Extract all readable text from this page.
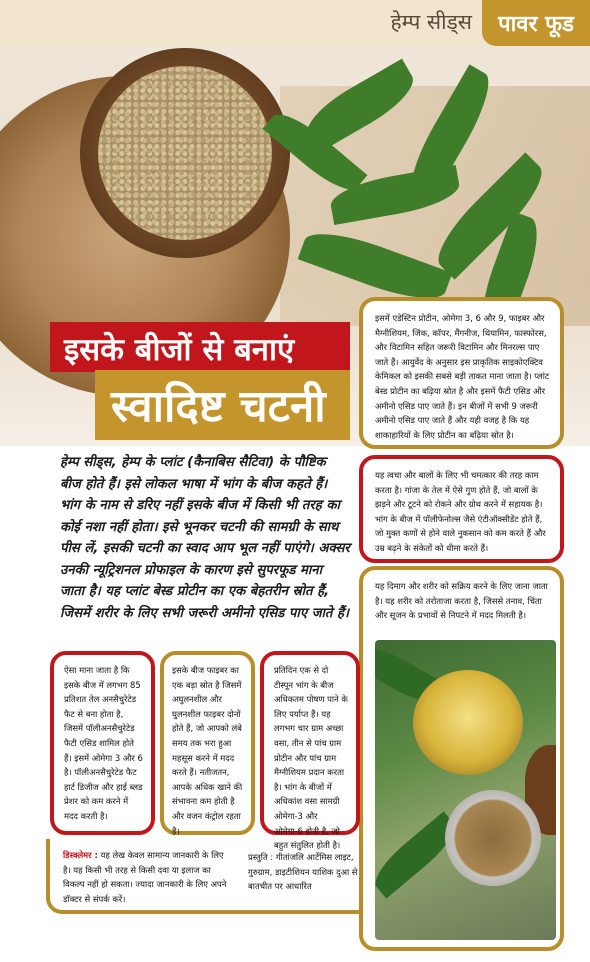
हेम्प सीड्स पावर फूड
इसके बीजों से बनाएं
स्वादिष्ट चटनी
हेम्प सीड्स, हेम्प के प्लांट (कैनाबिस सैटिवा) के पौष्टिक बीज होते हैं। इसे लोकल भाषा में भांग के बीज कहते हैं। भांग के नाम से डरिए नहीं इसके बीज में किसी भी तरह का कोई नशा नहीं होता। इसे भूनकर चटनी की सामग्री के साथ पीस लें, इसकी चटनी का स्वाद आप भूल नहीं पाएंगे। अक्सर उनकी न्यूट्रिशनल प्रोफाइल के कारण इसे सुपरफूड माना जाता है। यह प्लांट बेस्ड प्रोटीन का एक बेहतरीन स्रोत हैं, जिसमें शरीर के लिए सभी जरूरी अमीनो एसिड पाए जाते हैं।
इसमें एडेस्टिन प्रोटीन, ओमेगा 3, 6 और 9, फाइबर और मैग्नीशियम, जिंक, कॉपर, मैंगनीज, थियामिन, फास्फोरस, और विटामिन सहित जरूरी विटामिन और मिनरल्स पाए जाते हैं। आयुर्वेद के अनुसार इस प्राकृतिक साइकोएक्टिव केमिकल को इसकी सबसे बड़ी ताकत माना जाता है। प्लांट बेस्ड प्रोटीन का बढ़िया स्रोत है और इसमें फैटी एसिड और अमीनो एसिड पाए जाते हैं। इन बीजों में सभी 9 जरूरी अमीनो एसिड पाए जाते हैं और यही वजह है कि यह शाकाहारियों के लिए प्रोटीन का बढ़िया स्रोत है।
यह त्वचा और बालों के लिए भी चमत्कार की तरह काम करता है। गांजा के तेल में ऐसे गुण होते हैं, जो बालों के झड़ने और टूटने को रोकने और ग्रोथ करने में सहायक है। भांग के बीज में पॉलीफेनोल्स जैसे एंटीऑक्सीडेंट होते हैं, जो मुक्त कणों से होने वाले नुकसान को कम करते हैं और उम्र बढ़ने के संकेतों को धीमा करते हैं।
यह दिमाग और शरीर को सक्रिय करने के लिए जाना जाता है। यह शरीर को तरोताजा करता है, जिससे तनाव, चिंता और सूजन के प्रभावों से निपटने में मदद मिलती है।
ऐसा माना जाता है कि इसके बीज में लगभग 85 प्रतिशत तेल अनसैचुरेटेड फैट से बना होता है, जिसमें पॉलीअनसैचुरेटेड फैटी एसिड शामिल होते हैं। इसमें ओमेगा 3 और 6 है। पॉलीअनसैचुरेटेड फैट हार्ट डिजीज और हाई ब्लड प्रेशर को कम करने में मदद करती है।
इसके बीज फाइबर का एक बड़ा स्रोत है जिसमें अघुलनशील और घुलनशील फाइबर दोनों होते हैं, जो आपको लंबे समय तक भरा हुआ महसूस करने में मदद करते हैं। नतीजतन, आपके अधिक खाने की संभावना कम होती है और वजन कंट्रोल रहता है।
प्रतिदिन एक से दो टीस्पून भांग के बीज अधिकतम पोषण पाने के लिए पर्याप्त हैं। यह लगभग चार ग्राम अच्छा वसा, तीन से पांच ग्राम प्रोटीन और पांच ग्राम मैग्नीशियम प्रदान करता है। भांग के बीजों में अधिकांश वसा सामग्री ओमेगा-3 और ओमेगा-6 होती है, जो बहुत संतुलित होती है।
डिस्क्लेमर : यह लेख केवल सामान्य जानकारी के लिए है। यह किसी भी तरह से किसी दवा या इलाज का विकल्प नहीं हो सकता। ज्यादा जानकारी के लिए अपने डॉक्टर से संपर्क करें।
प्रस्तुति : गीतांजलि आर्टेमिस लाइट, गुरुग्राम, डाइटीशियन याशिक दुआ से बातचीत पर आधारित
